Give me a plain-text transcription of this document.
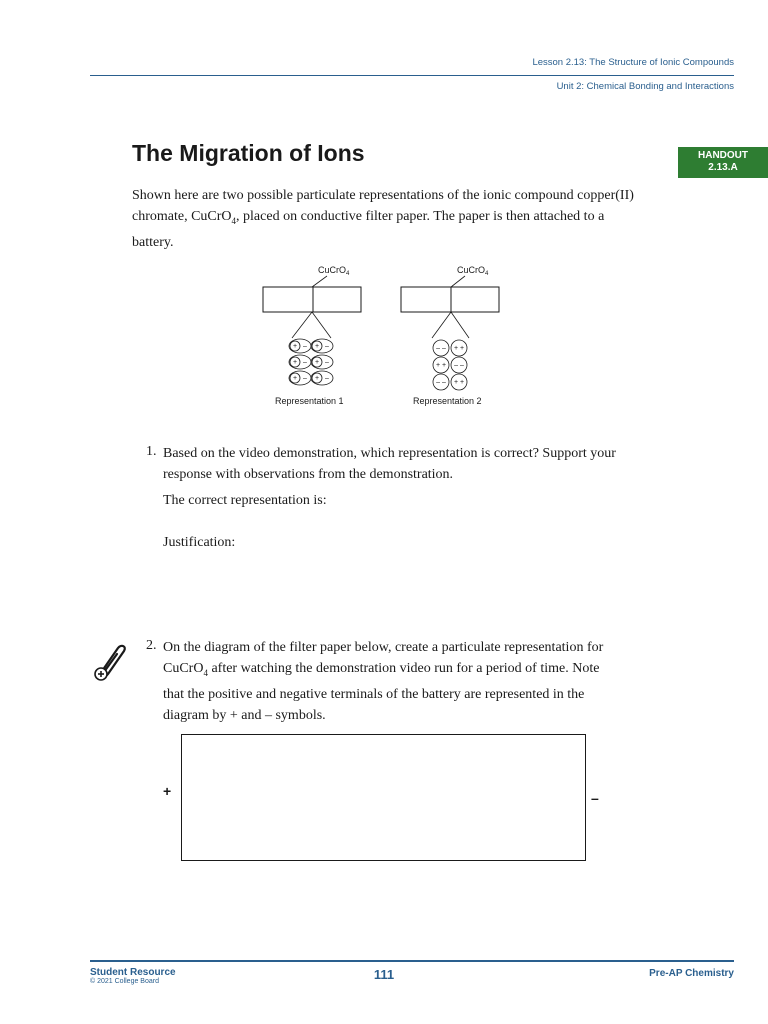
Lesson 2.13: The Structure of Ionic Compounds
Unit 2: Chemical Bonding and Interactions
The Migration of Ions	HANDOUT
2.13.A
Shown here are two possible particulate representations of the ionic compound copper(II) chromate, CuCrO$_4$, placed on conductive filter paper. The paper is then attached to a battery.
CuCrO$_4$
+ – + –
+ – + –
+ – + –
Representation 1
CuCrO$_4$
– – + +
+ + – –
– – + +
Representation 2
1. Based on the video demonstration, which representation is correct? Support your response with observations from the demonstration.
The correct representation is:
Justification:
2. On the diagram of the filter paper below, create a particulate representation for CuCrO$_4$ after watching the demonstration video run for a period of time. Note that the positive and negative terminals of the battery are represented in the diagram by + and – symbols.
+	–
Student Resource
© 2021 College Board	111	Pre-AP Chemistry
